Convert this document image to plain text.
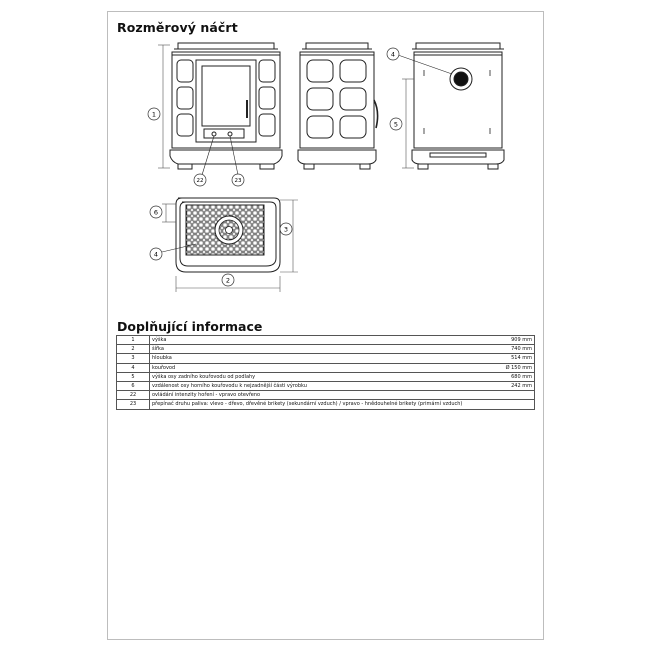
Rozměrový náčrt
1
22	23
4
5
6
4
3
2
Doplňující informace
1	výška	909 mm
2	šířka	740 mm
3	hloubka	514 mm
4	kouřovod	Ø 150 mm
5	výška osy zadního kouřovodu od podlahy	680 mm
6	vzdálenost osy horního kouřovodu k nejzadnější části výrobku	242 mm
22	ovládání intenzity hoření - vpravo otevřeno	
23	přepínač druhu paliva: vlevo - dřevo, dřevěné brikety (sekundární vzduch) / vpravo - hnědouhelné brikety (primární vzduch)	
